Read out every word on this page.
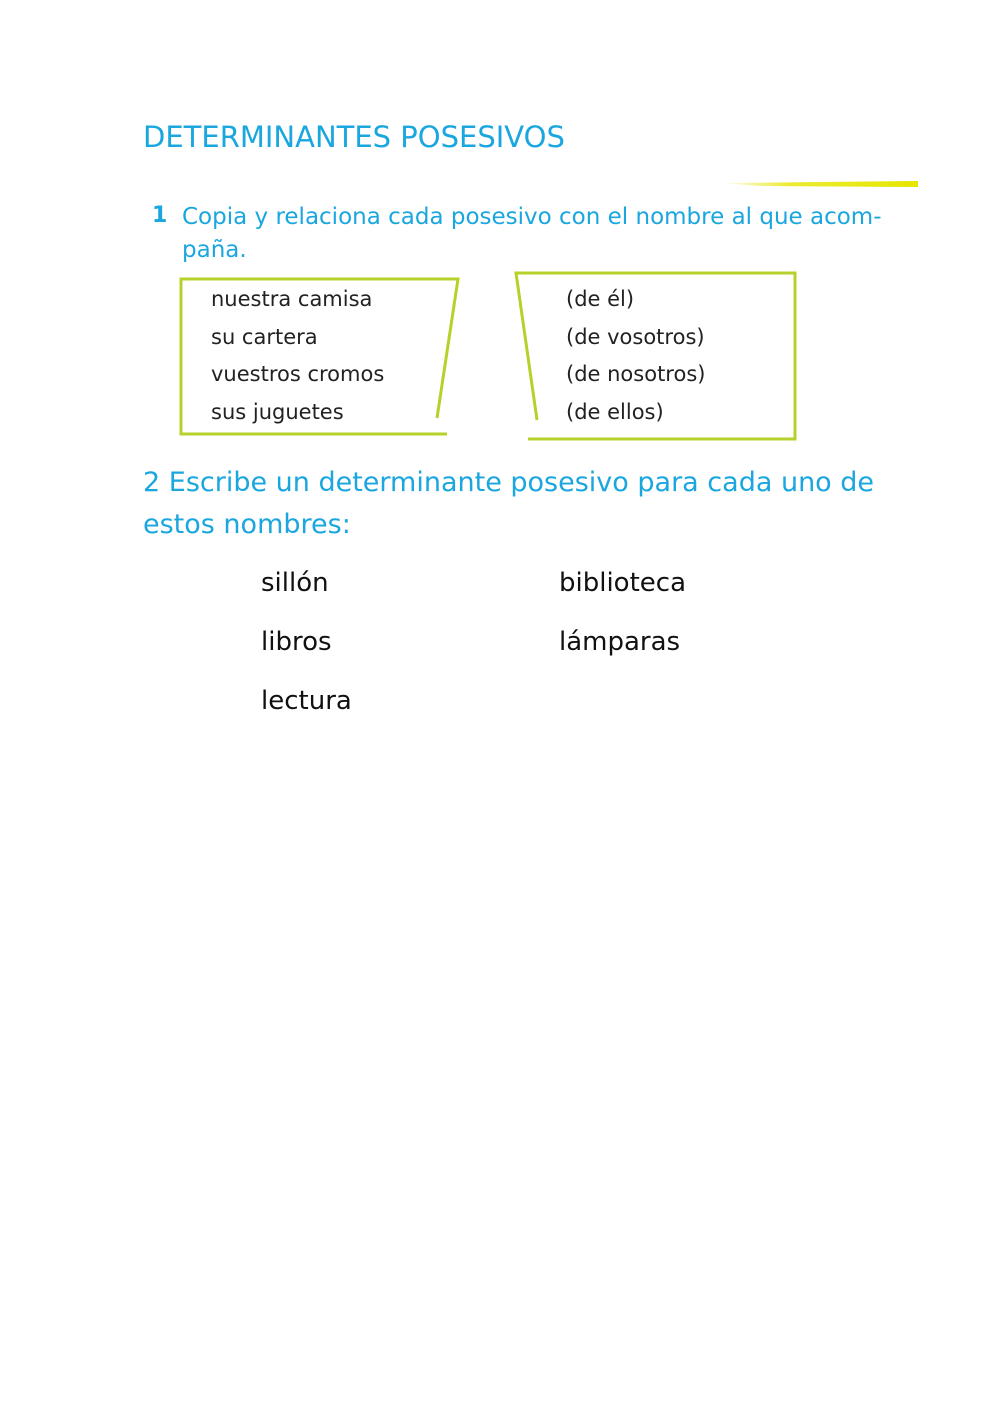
DETERMINANTES POSESIVOS
1 Copia y relaciona cada posesivo con el nombre al que acom-paña.
nuestra camisa
su cartera
vuestros cromos
sus juguetes
(de él)
(de vosotros)
(de nosotros)
(de ellos)

2 Escribe un determinante posesivo para cada uno de estos nombres:

sillón	biblioteca
libros	lámparas
lectura
